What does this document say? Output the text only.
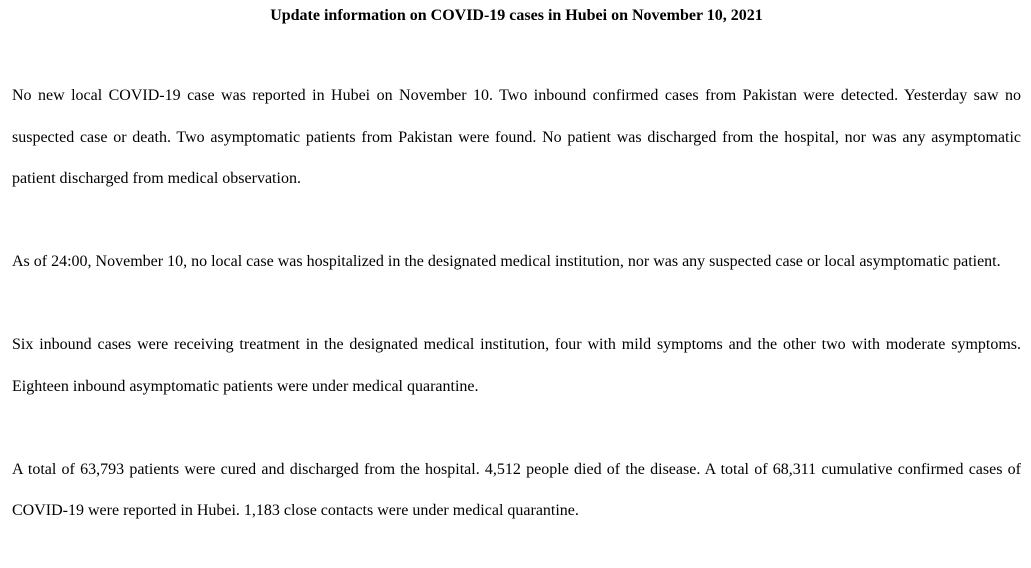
Update information on COVID-19 cases in Hubei on November 10, 2021

No new local COVID-19 case was reported in Hubei on November 10. Two inbound confirmed cases from Pakistan were detected. Yesterday saw no suspected case or death. Two asymptomatic patients from Pakistan were found. No patient was discharged from the hospital, nor was any asymptomatic patient discharged from medical observation.

As of 24:00, November 10, no local case was hospitalized in the designated medical institution, nor was any suspected case or local asymptomatic patient.

Six inbound cases were receiving treatment in the designated medical institution, four with mild symptoms and the other two with moderate symptoms. Eighteen inbound asymptomatic patients were under medical quarantine.

A total of 63,793 patients were cured and discharged from the hospital. 4,512 people died of the disease. A total of 68,311 cumulative confirmed cases of COVID-19 were reported in Hubei. 1,183 close contacts were under medical quarantine.
